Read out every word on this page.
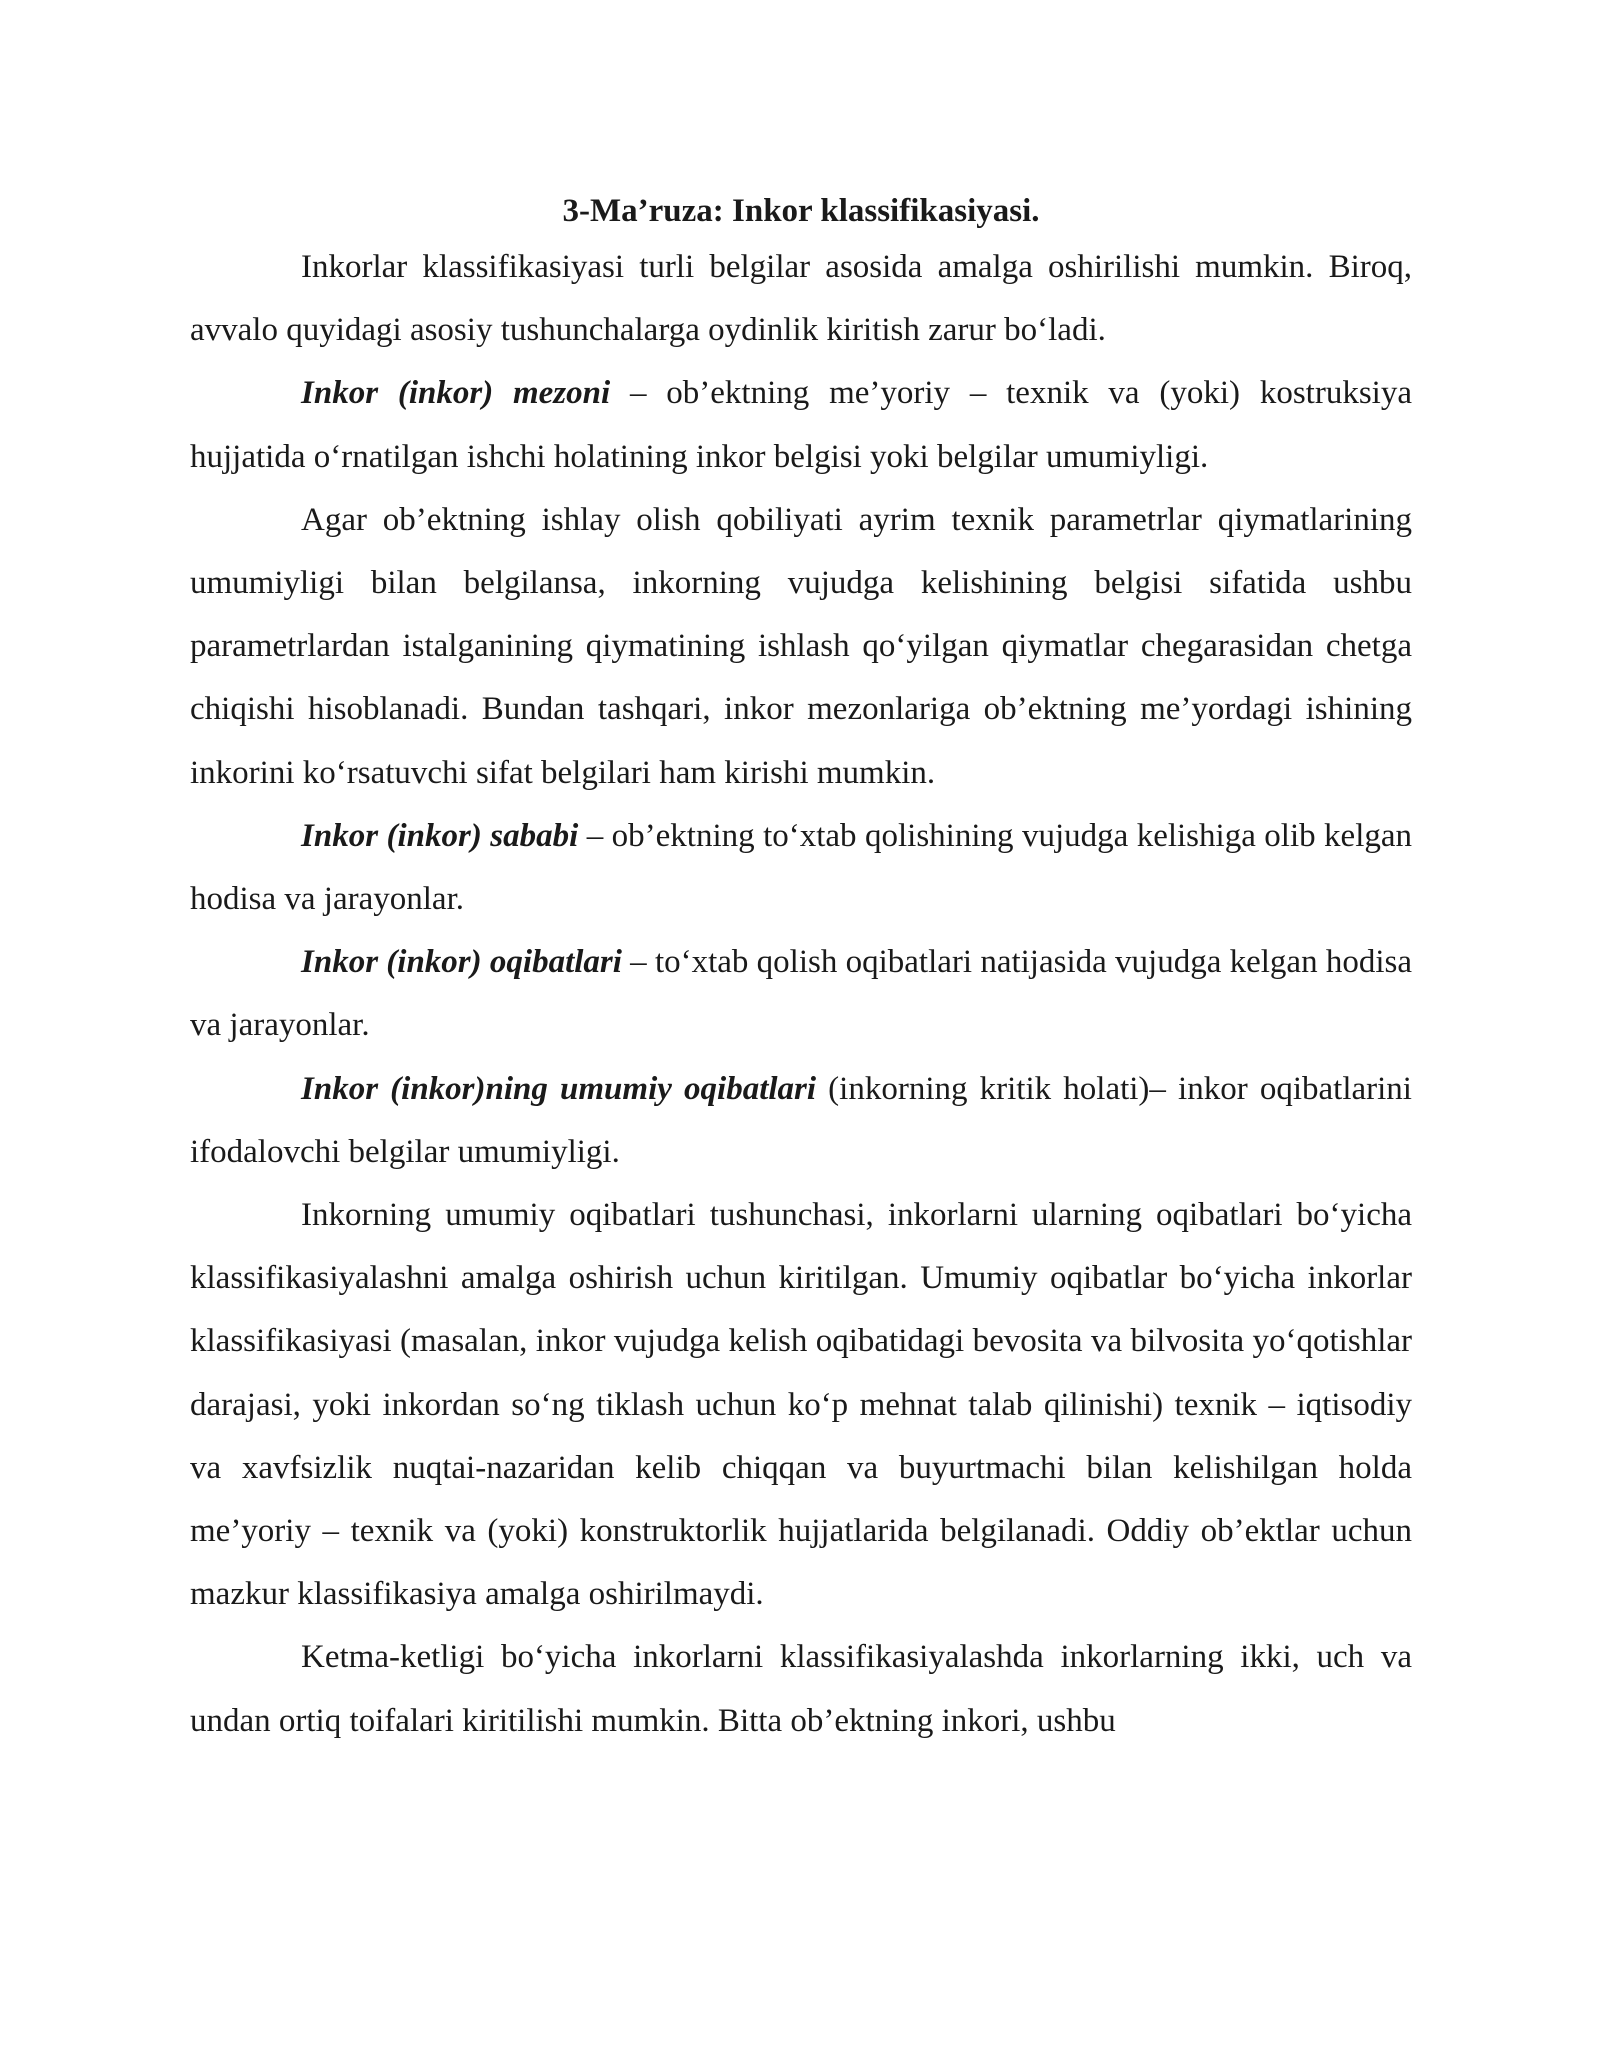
3-Ma’ruza: Inkor klassifikasiyasi.

Inkorlar klassifikasiyasi turli belgilar asosida amalga oshirilishi mumkin. Biroq, avvalo quyidagi asosiy tushunchalarga oydinlik kiritish zarur bo‘ladi.

Inkor (inkor) mezoni – ob’ektning me’yoriy – texnik va (yoki) kostruksiya hujjatida o‘rnatilgan ishchi holatining inkor belgisi yoki belgilar umumiyligi.

Agar ob’ektning ishlay olish qobiliyati ayrim texnik parametrlar qiymatlarining umumiyligi bilan belgilansa, inkorning vujudga kelishining belgisi sifatida ushbu parametrlardan istalganining qiymatining ishlash qo‘yilgan qiymatlar chegarasidan chetga chiqishi hisoblanadi. Bundan tashqari, inkor mezonlariga ob’ektning me’yordagi ishining inkorini ko‘rsatuvchi sifat belgilari ham kirishi mumkin.

Inkor (inkor) sababi – ob’ektning to‘xtab qolishining vujudga kelishiga olib kelgan hodisa va jarayonlar.

Inkor (inkor) oqibatlari – to‘xtab qolish oqibatlari natijasida vujudga kelgan hodisa va jarayonlar.

Inkor (inkor)ning umumiy oqibatlari (inkorning kritik holati)– inkor oqibatlarini ifodalovchi belgilar umumiyligi.

Inkorning umumiy oqibatlari tushunchasi, inkorlarni ularning oqibatlari bo‘yicha klassifikasiyalashni amalga oshirish uchun kiritilgan. Umumiy oqibatlar bo‘yicha inkorlar klassifikasiyasi (masalan, inkor vujudga kelish oqibatidagi bevosita va bilvosita yo‘qotishlar darajasi, yoki inkordan so‘ng tiklash uchun ko‘p mehnat talab qilinishi) texnik – iqtisodiy va xavfsizlik nuqtai-nazaridan kelib chiqqan va buyurtmachi bilan kelishilgan holda me’yoriy – texnik va (yoki) konstruktorlik hujjatlarida belgilanadi. Oddiy ob’ektlar uchun mazkur klassifikasiya amalga oshirilmaydi.

Ketma-ketligi bo‘yicha inkorlarni klassifikasiyalashda inkorlarning ikki, uch va undan ortiq toifalari kiritilishi mumkin. Bitta ob’ektning inkori, ushbu
